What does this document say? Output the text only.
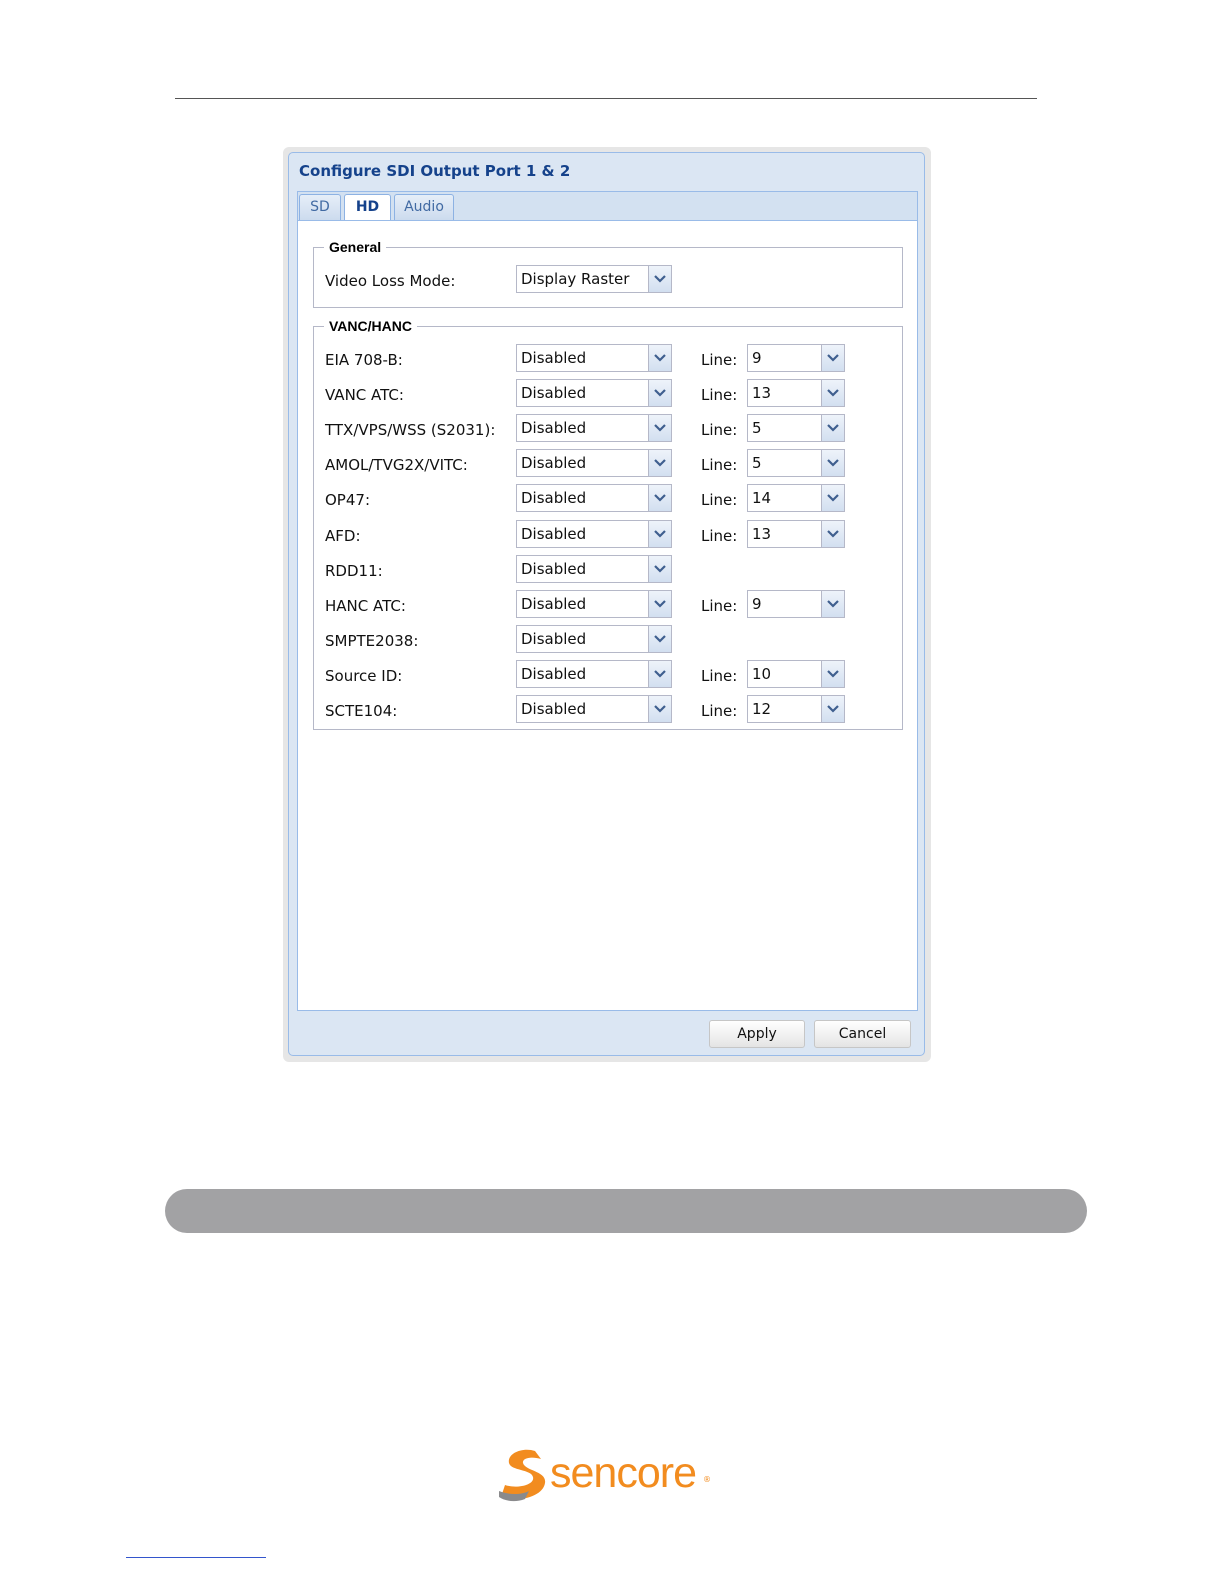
Configure SDI Output Port 1 & 2
SD	HD	Audio
General
Video Loss Mode:	Display Raster
VANC/HANC
EIA 708-B:	Disabled	Line: 9
VANC ATC:	Disabled	Line: 13
TTX/VPS/WSS (S2031): Disabled	Line: 5
AMOL/TVG2X/VITC:	Disabled	Line: 5
OP47:	Disabled	Line: 14
AFD:	Disabled	Line: 13
RDD11:	Disabled
HANC ATC:	Disabled	Line: 9
SMPTE2038:	Disabled
Source ID:	Disabled	Line: 10
SCTE104:	Disabled	Line: 12
Apply	Cancel
sencore ®
